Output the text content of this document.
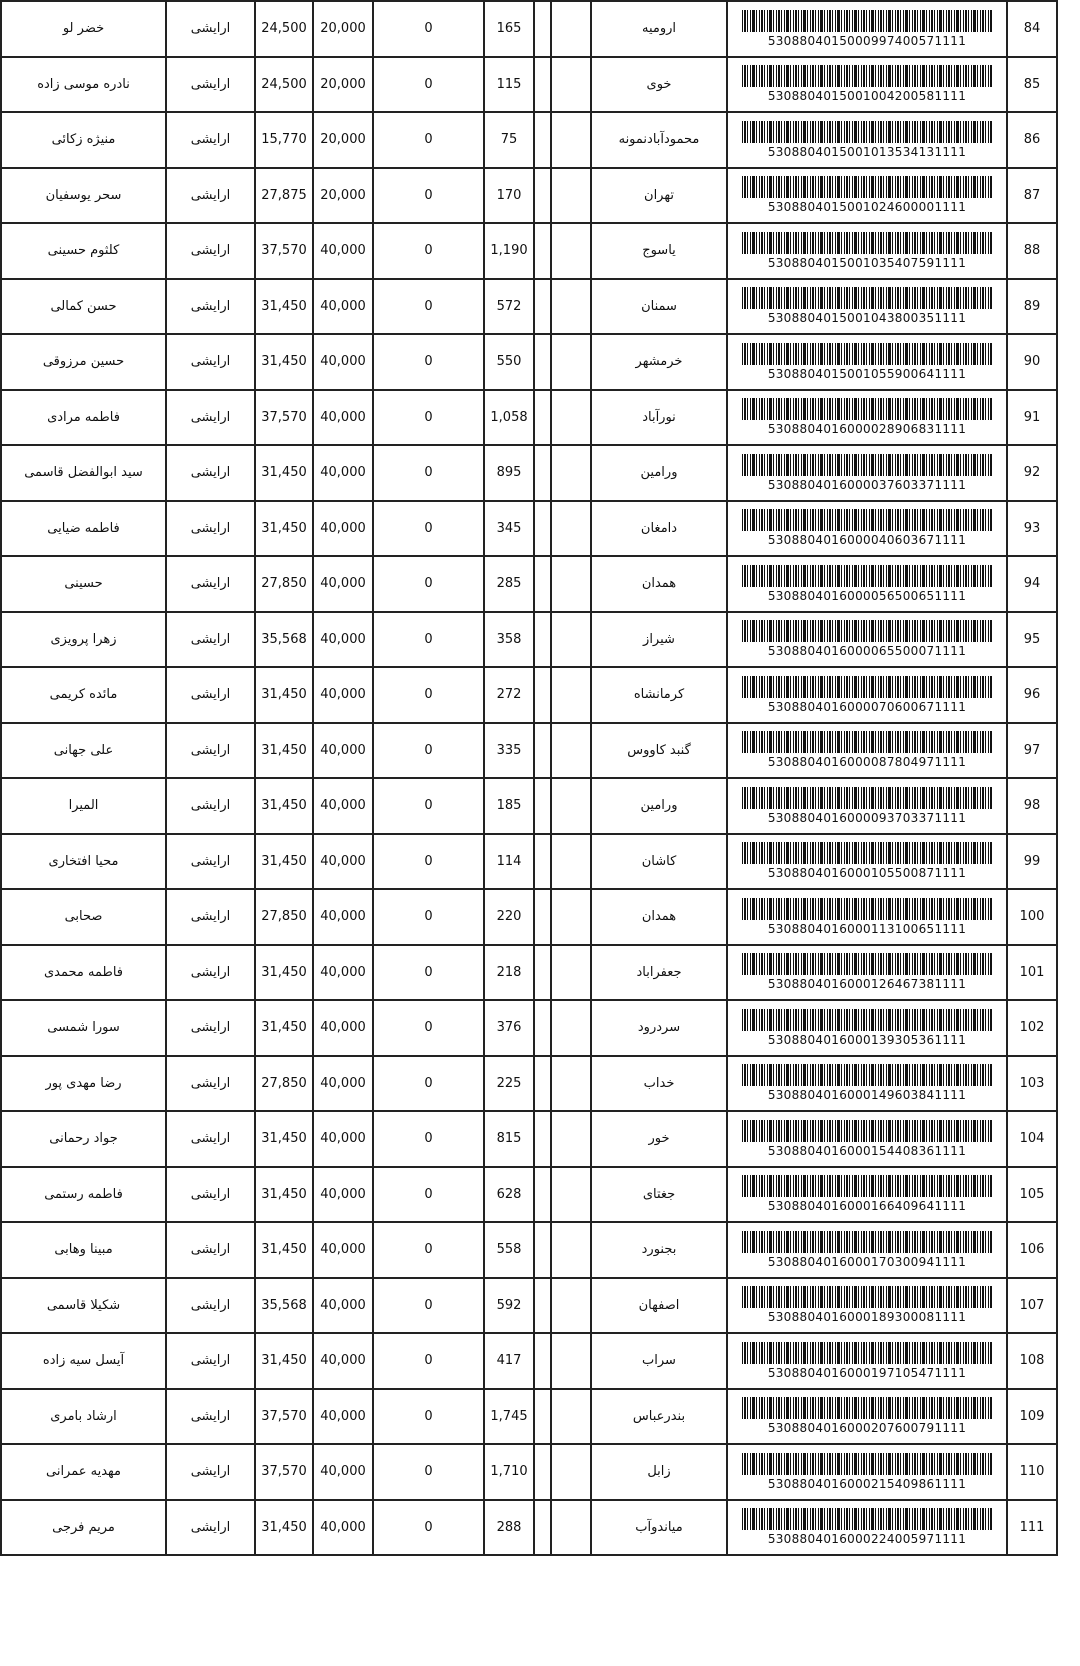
خضر لو	ارایشی	24,500	20,000	0	165			ارومیه	5308804015000997400571111	84
نادره موسی زاده	ارایشی	24,500	20,000	0	115			خوی	5308804015001004200581111	85
منیژه زکائی	ارایشی	15,770	20,000	0	75			محمودآبادنمونه	5308804015001013534131111	86
سحر یوسفیان	ارایشی	27,875	20,000	0	170			تهران	5308804015001024600001111	87
کلثوم حسینی	ارایشی	37,570	40,000	0	1,190			یاسوج	5308804015001035407591111	88
حسن کمالی	ارایشی	31,450	40,000	0	572			سمنان	5308804015001043800351111	89
حسین مرزوقی	ارایشی	31,450	40,000	0	550			خرمشهر	5308804015001055900641111	90
فاطمه مرادی	ارایشی	37,570	40,000	0	1,058			نورآباد	5308804016000028906831111	91
سید ابوالفضل قاسمی	ارایشی	31,450	40,000	0	895			ورامین	5308804016000037603371111	92
فاطمه ضیایی	ارایشی	31,450	40,000	0	345			دامغان	5308804016000040603671111	93
حسینی	ارایشی	27,850	40,000	0	285			همدان	5308804016000056500651111	94
زهرا پرویزی	ارایشی	35,568	40,000	0	358			شیراز	5308804016000065500071111	95
مائده کریمی	ارایشی	31,450	40,000	0	272			کرمانشاه	5308804016000070600671111	96
علی جهانی	ارایشی	31,450	40,000	0	335			گنبد کاووس	5308804016000087804971111	97
المیرا	ارایشی	31,450	40,000	0	185			ورامین	5308804016000093703371111	98
محیا افتخاری	ارایشی	31,450	40,000	0	114			کاشان	5308804016000105500871111	99
صحابی	ارایشی	27,850	40,000	0	220			همدان	5308804016000113100651111	100
فاطمه محمدی	ارایشی	31,450	40,000	0	218			جعفراباد	5308804016000126467381111	101
سورا شمسی	ارایشی	31,450	40,000	0	376			سردرود	5308804016000139305361111	102
رضا مهدی پور	ارایشی	27,850	40,000	0	225			خداب	5308804016000149603841111	103
جواد رحمانی	ارایشی	31,450	40,000	0	815			خور	5308804016000154408361111	104
فاطمه رستمی	ارایشی	31,450	40,000	0	628			جغتای	5308804016000166409641111	105
مبینا وهابی	ارایشی	31,450	40,000	0	558			بجنورد	5308804016000170300941111	106
شکیلا قاسمی	ارایشی	35,568	40,000	0	592			اصفهان	5308804016000189300081111	107
آیسل سیه زاده	ارایشی	31,450	40,000	0	417			سراب	5308804016000197105471111	108
ارشاد بامری	ارایشی	37,570	40,000	0	1,745			بندرعباس	5308804016000207600791111	109
مهدیه عمرانی	ارایشی	37,570	40,000	0	1,710			زابل	5308804016000215409861111	110
مریم فرجی	ارایشی	31,450	40,000	0	288			میاندوآب	5308804016000224005971111	111
